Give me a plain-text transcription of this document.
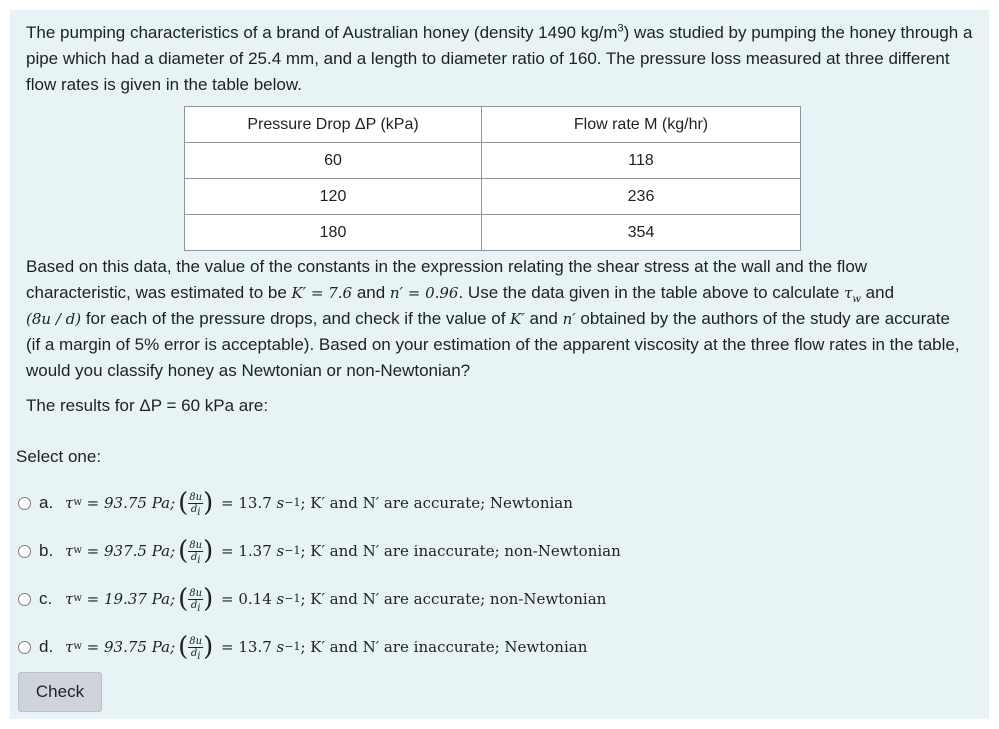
The pumping characteristics of a brand of Australian honey (density 1490 $kg/m^3$) was studied by pumping the honey through a pipe which had a diameter of 25.4 mm, and a length to diameter ratio of 160. The pressure loss measured at three different flow rates is given in the table below.

Pressure Drop ΔP (kPa)	Flow rate M (kg/hr)
60	118
120	236
180	354

Based on this data, the value of the constants in the expression relating the shear stress at the wall and the flow characteristic, was estimated to be K′ = 7.6 and n′ = 0.96. Use the data given in the table above to calculate $\tau_w$ and
(8u / d) for each of the pressure drops, and check if the value of K′ and n′ obtained by the authors of the study are accurate (if a margin of 5% error is acceptable). Based on your estimation of the apparent viscosity at the three flow rates in the table, would you classify honey as Newtonian or non-Newtonian?

The results for ΔP = 60 kPa are:
Select one:
a. τ w = 93.75 Pa; ( $\frac{8u}{d_i}$ ) = 13.7 s −1 ; K′ and N′ are accurate; Newtonian
b. τ w = 937.5 Pa; ( $\frac{8u}{d_i}$ ) = 1.37 s −1 ; K′ and N′ are inaccurate; non-Newtonian
c. τ w = 19.37 Pa; ( $\frac{8u}{d_i}$ ) = 0.14 s −1 ; K′ and N′ are accurate; non-Newtonian
d. τ w = 93.75 Pa; ( $\frac{8u}{d_i}$ ) = 13.7 s −1 ; K′ and N′ are inaccurate; Newtonian
Check
